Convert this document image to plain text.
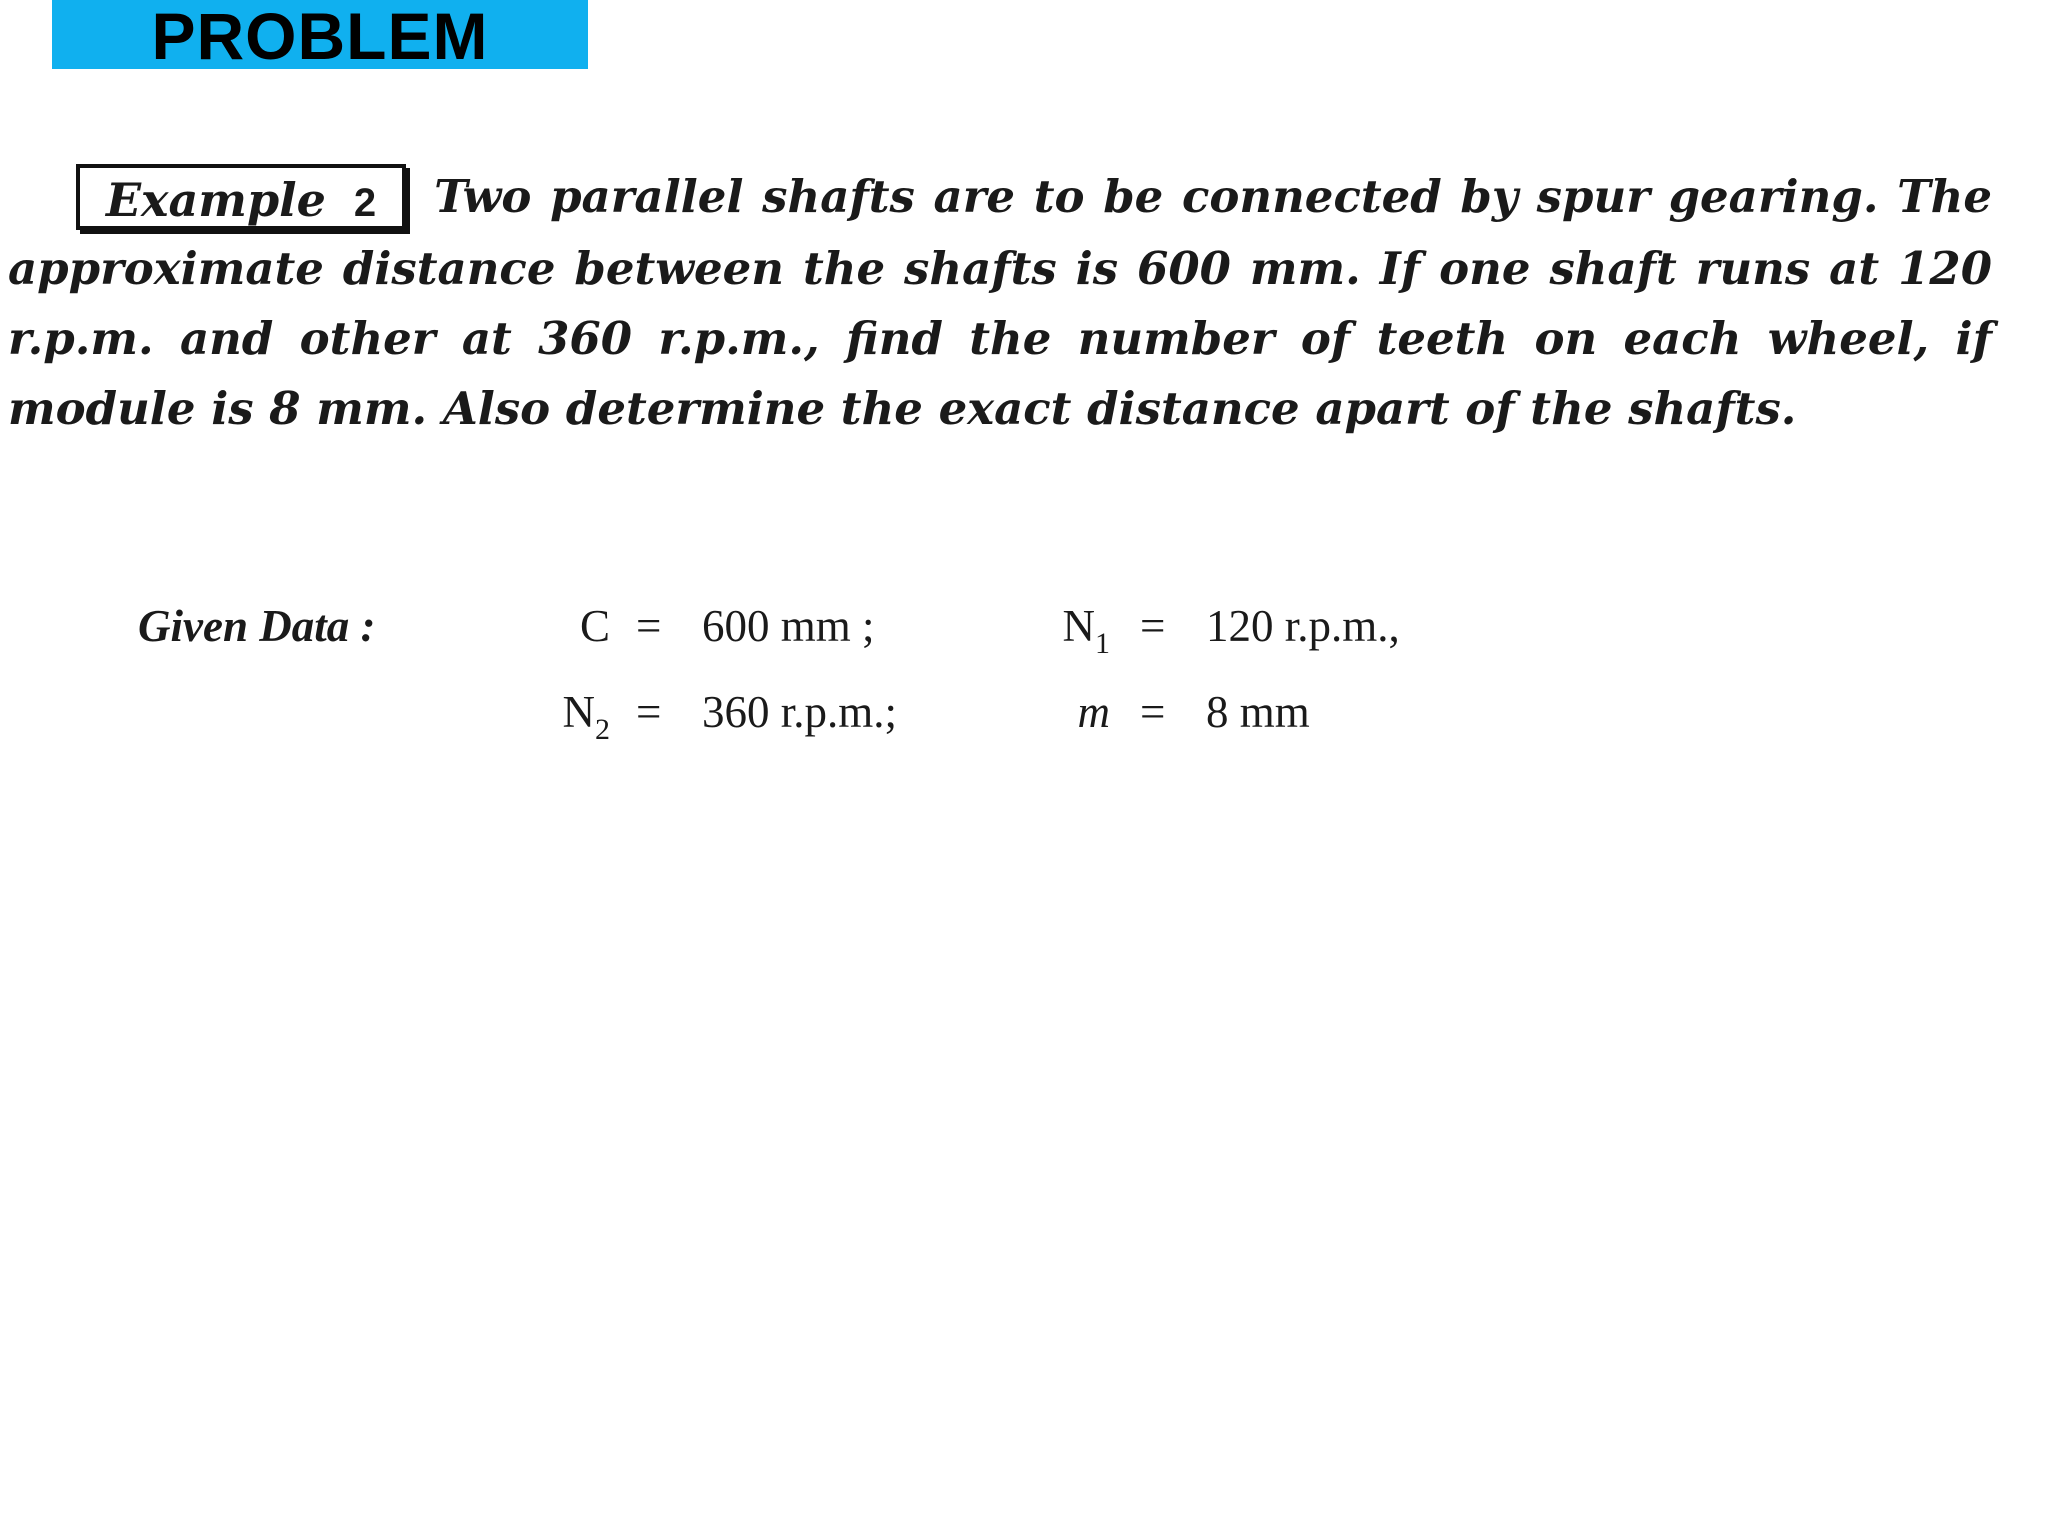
PROBLEM
Example 2 Two parallel shafts are to be connected by spur gearing. The approximate distance between the shafts is 600 mm. If one shaft runs at 120 r.p.m. and other at 360 r.p.m., find the number of teeth on each wheel, if module is 8 mm. Also determine the exact distance apart of the shafts.
Given Data :	C = 600 mm ;	$N_1 = 120$ r.p.m.,
$N_2 = 360$ r.p.m.;	m = 8 mm
